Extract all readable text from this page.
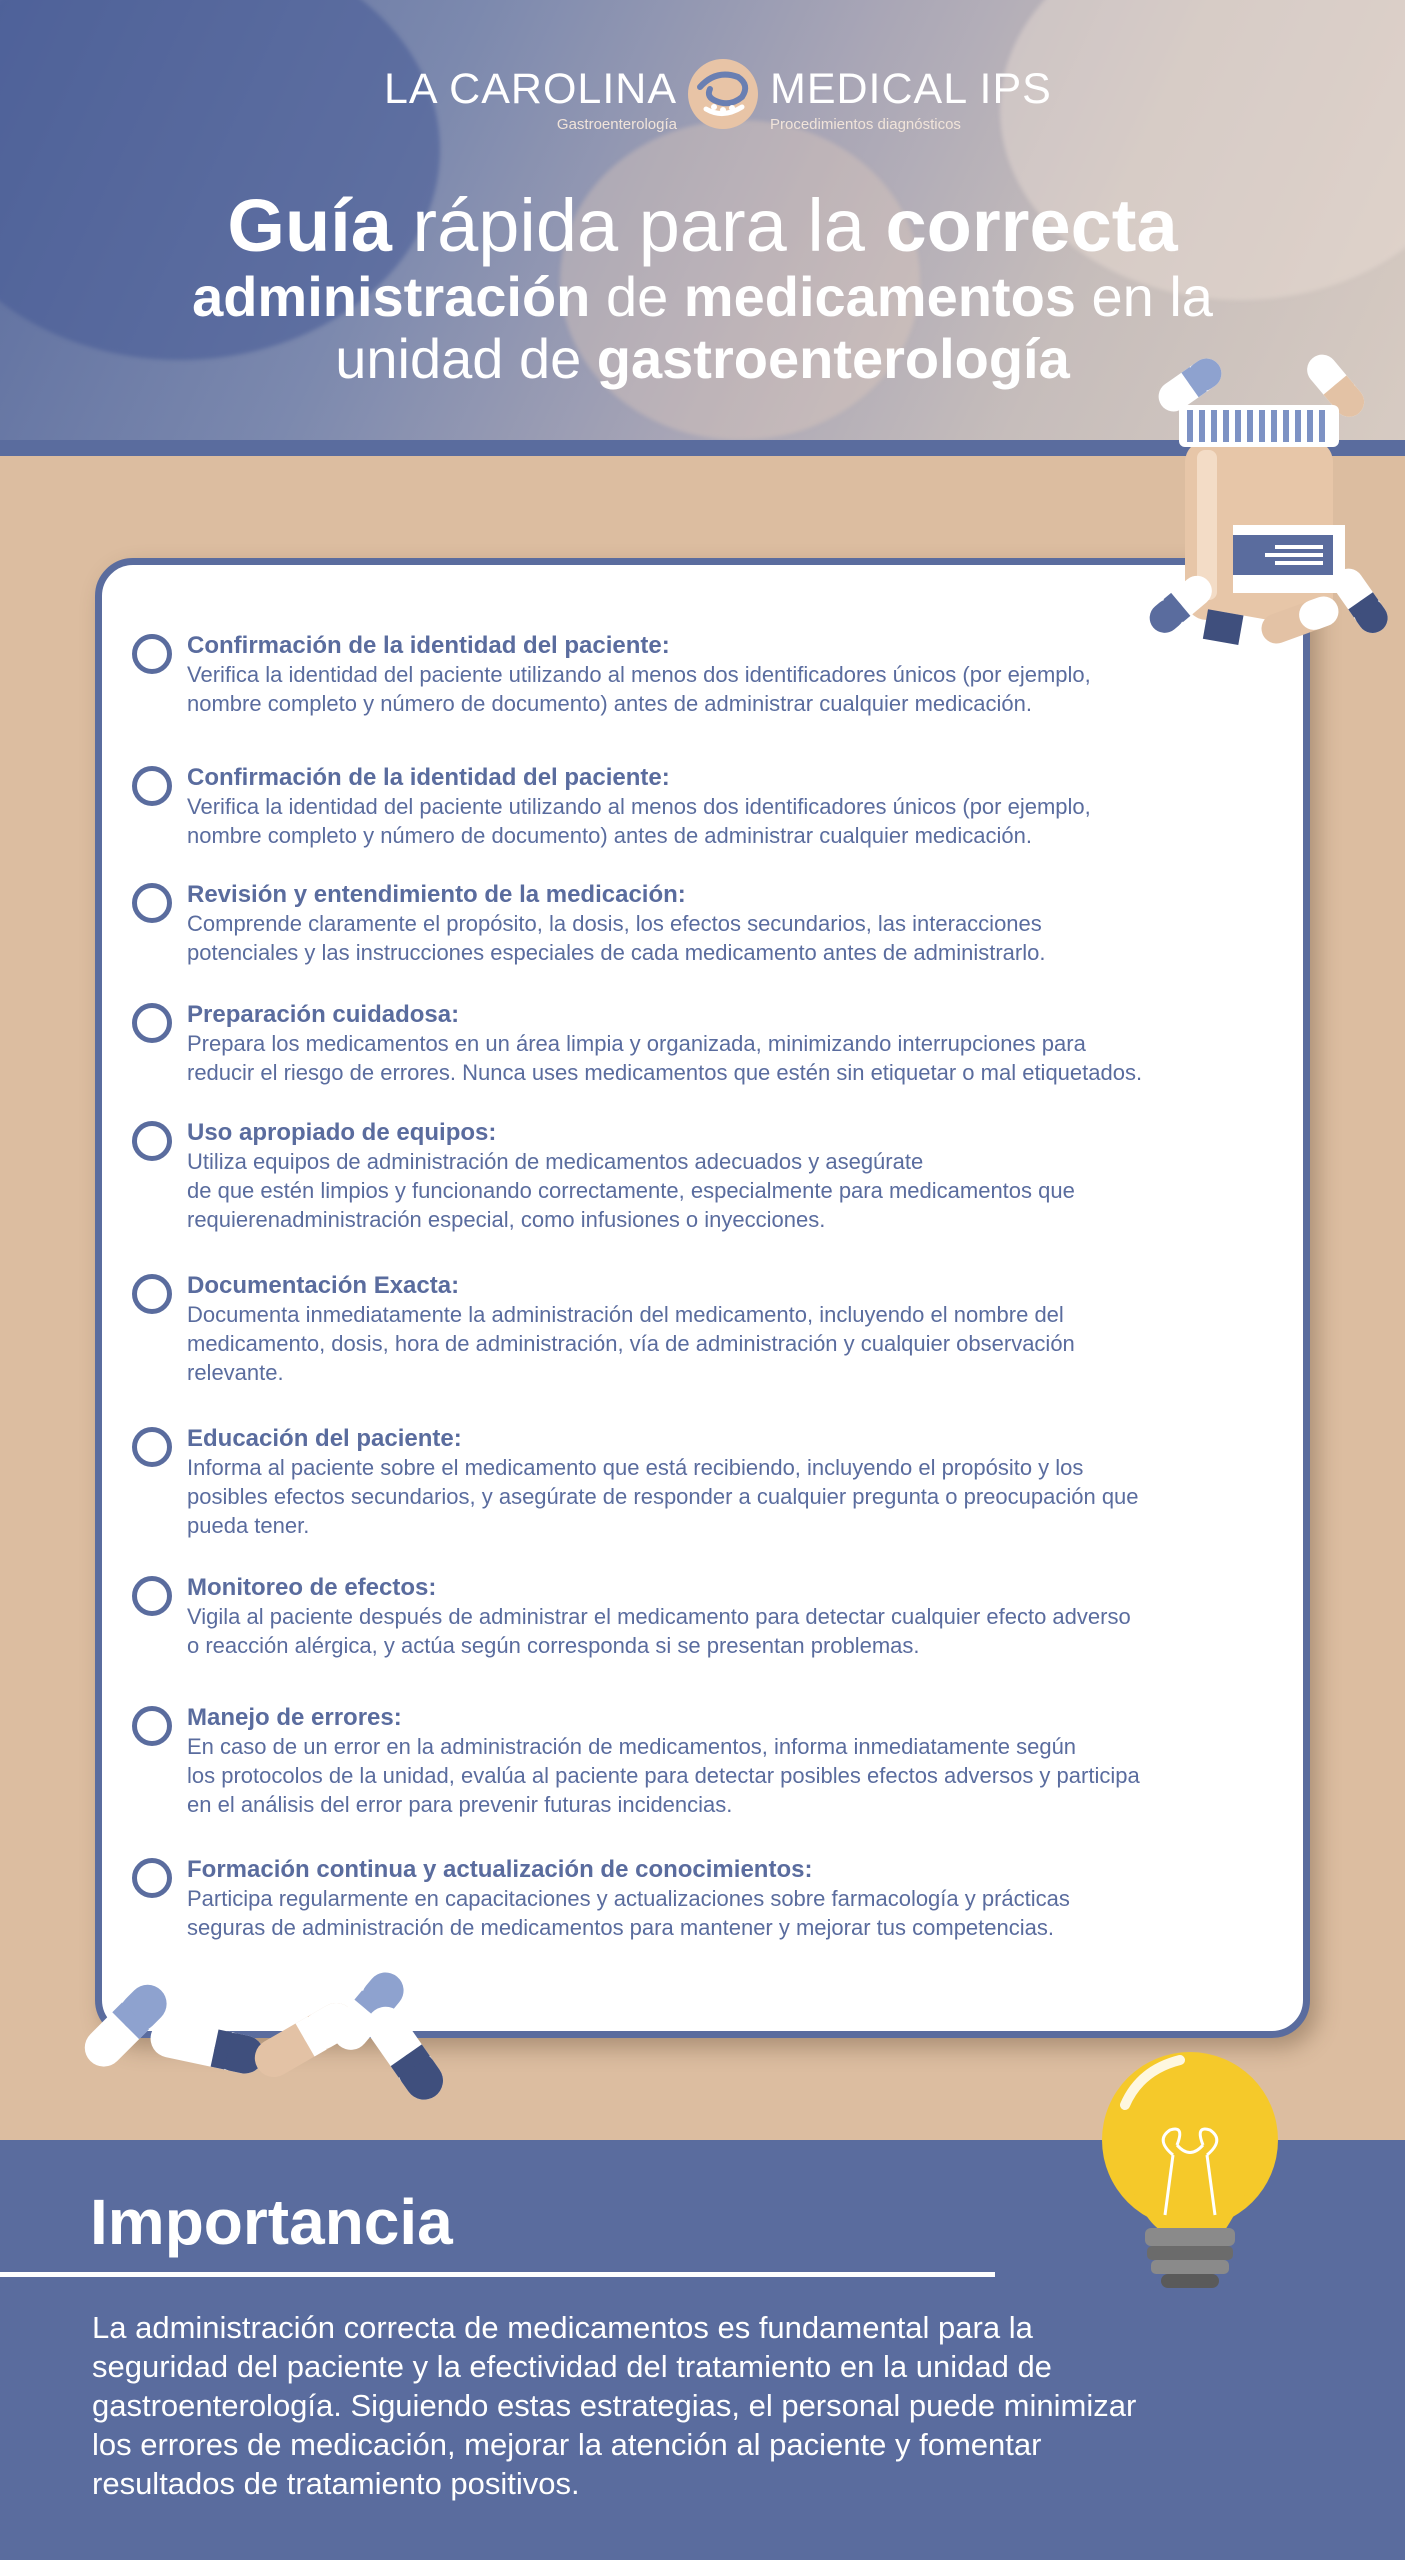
LA CAROLINA
Gastroenterología
MEDICAL IPS
Procedimientos diagnósticos
Guía rápida para la correcta
administración de medicamentos en la
unidad de gastroenterología
Confirmación de la identidad del paciente:

Verifica la identidad del paciente utilizando al menos dos identificadores únicos (por ejemplo,

nombre completo y número de documento) antes de administrar cualquier medicación.

Confirmación de la identidad del paciente:

Verifica la identidad del paciente utilizando al menos dos identificadores únicos (por ejemplo,

nombre completo y número de documento) antes de administrar cualquier medicación.

Revisión y entendimiento de la medicación:

Comprende claramente el propósito, la dosis, los efectos secundarios, las interacciones

potenciales y las instrucciones especiales de cada medicamento antes de administrarlo.

Preparación cuidadosa:

Prepara los medicamentos en un área limpia y organizada, minimizando interrupciones para

reducir el riesgo de errores. Nunca uses medicamentos que estén sin etiquetar o mal etiquetados.

Uso apropiado de equipos:

Utiliza equipos de administración de medicamentos adecuados y asegúrate

de que estén limpios y funcionando correctamente, especialmente para medicamentos que

requierenadministración especial, como infusiones o inyecciones.

Documentación Exacta:

Documenta inmediatamente la administración del medicamento, incluyendo el nombre del

medicamento, dosis, hora de administración, vía de administración y cualquier observación

relevante.

Educación del paciente:

Informa al paciente sobre el medicamento que está recibiendo, incluyendo el propósito y los

posibles efectos secundarios, y asegúrate de responder a cualquier pregunta o preocupación que

pueda tener.

Monitoreo de efectos:

Vigila al paciente después de administrar el medicamento para detectar cualquier efecto adverso

o reacción alérgica, y actúa según corresponda si se presentan problemas.

Manejo de errores:

En caso de un error en la administración de medicamentos, informa inmediatamente según

los protocolos de la unidad, evalúa al paciente para detectar posibles efectos adversos y participa

en el análisis del error para prevenir futuras incidencias.

Formación continua y actualización de conocimientos:

Participa regularmente en capacitaciones y actualizaciones sobre farmacología y prácticas

seguras de administración de medicamentos para mantener y mejorar tus competencias.

Importancia
La administración correcta de medicamentos es fundamental para la
seguridad del paciente y la efectividad del tratamiento en la unidad de
gastroenterología. Siguiendo estas estrategias, el personal puede minimizar
los errores de medicación, mejorar la atención al paciente y fomentar
resultados de tratamiento positivos.
